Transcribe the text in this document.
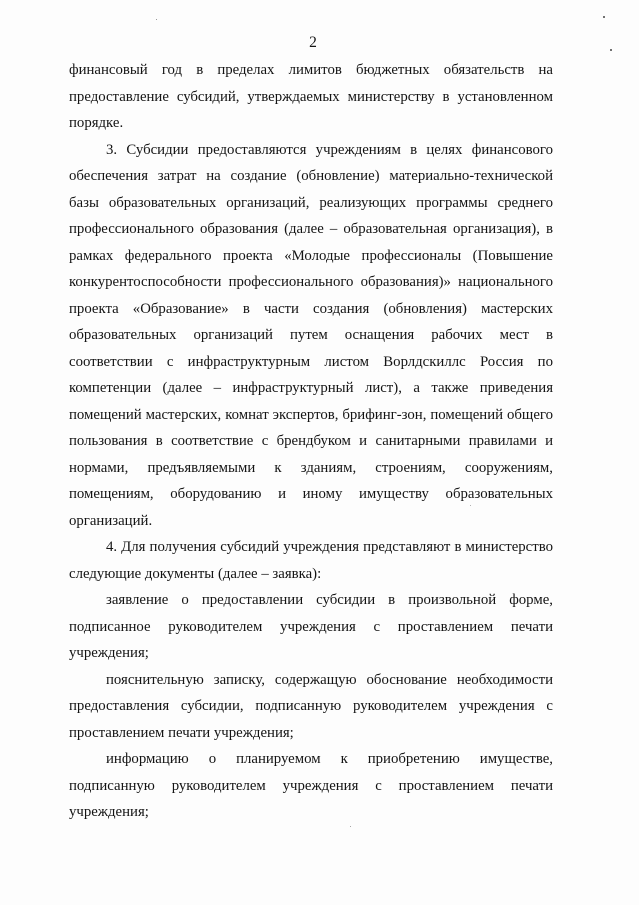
2

финансовый год в пределах лимитов бюджетных обязательств на предоставление субсидий, утверждаемых министерству в установленном порядке.

3. Субсидии предоставляются учреждениям в целях финансового обеспечения затрат на создание (обновление) материально-технической базы образовательных организаций, реализующих программы среднего профессионального образования (далее – образовательная организация), в рамках федерального проекта «Молодые профессионалы (Повышение конкурентоспособности профессионального образования)» национального проекта «Образование» в части создания (обновления) мастерских образовательных организаций путем оснащения рабочих мест в соответствии с инфраструктурным листом Ворлдскиллс Россия по компетенции (далее – инфраструктурный лист), а также приведения помещений мастерских, комнат экспертов, брифинг-зон, помещений общего пользования в соответствие с брендбуком и санитарными правилами и нормами, предъявляемыми к зданиям, строениям, сооружениям, помещениям, оборудованию и иному имуществу образовательных организаций.

4. Для получения субсидий учреждения представляют в министерство следующие документы (далее – заявка):

заявление о предоставлении субсидии в произвольной форме, подписанное руководителем учреждения с проставлением печати учреждения;

пояснительную записку, содержащую обоснование необходимости предоставления субсидии, подписанную руководителем учреждения с проставлением печати учреждения;

информацию о планируемом к приобретению имуществе, подписанную руководителем учреждения с проставлением печати учреждения;
